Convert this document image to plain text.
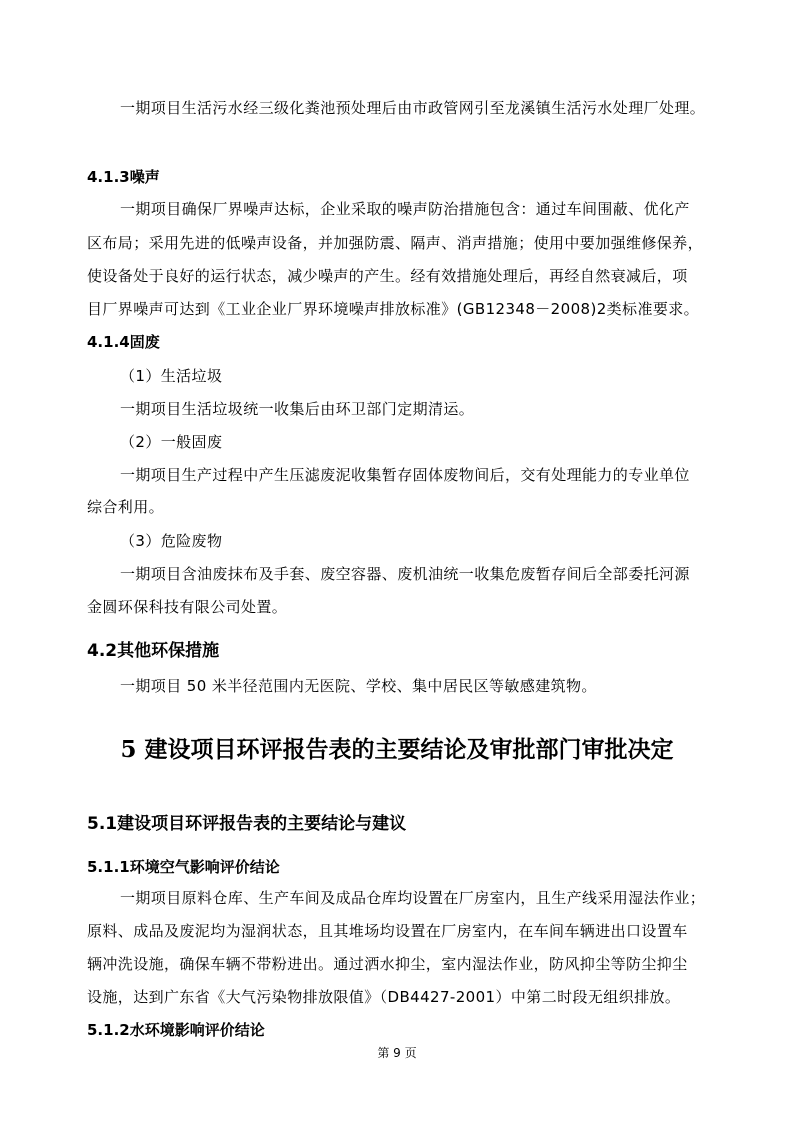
一期项目生活污水经三级化粪池预处理后由市政管网引至龙溪镇生活污水处理厂处理。
4.1.3噪声
一期项目确保厂界噪声达标，企业采取的噪声防治措施包含：通过车间围蔽、优化产
区布局；采用先进的低噪声设备，并加强防震、隔声、消声措施；使用中要加强维修保养，
使设备处于良好的运行状态，减少噪声的产生。经有效措施处理后，再经自然衰减后，项
目厂界噪声可达到《工业企业厂界环境噪声排放标准》(GB12348－2008)2类标准要求。
4.1.4固废
（1）生活垃圾
一期项目生活垃圾统一收集后由环卫部门定期清运。
（2）一般固废
一期项目生产过程中产生压滤废泥收集暂存固体废物间后，交有处理能力的专业单位
综合利用。
（3）危险废物
一期项目含油废抹布及手套、废空容器、废机油统一收集危废暂存间后全部委托河源
金圆环保科技有限公司处置。
4.2其他环保措施
一期项目 50 米半径范围内无医院、学校、集中居民区等敏感建筑物。
5 建设项目环评报告表的主要结论及审批部门审批决定
5.1建设项目环评报告表的主要结论与建议
5.1.1环境空气影响评价结论
一期项目原料仓库、生产车间及成品仓库均设置在厂房室内，且生产线采用湿法作业；
原料、成品及废泥均为湿润状态，且其堆场均设置在厂房室内，在车间车辆进出口设置车
辆冲洗设施，确保车辆不带粉进出。通过洒水抑尘，室内湿法作业，防风抑尘等防尘抑尘
设施，达到广东省《大气污染物排放限值》（DB4427-2001）中第二时段无组织排放。
5.1.2水环境影响评价结论
第 9 页
